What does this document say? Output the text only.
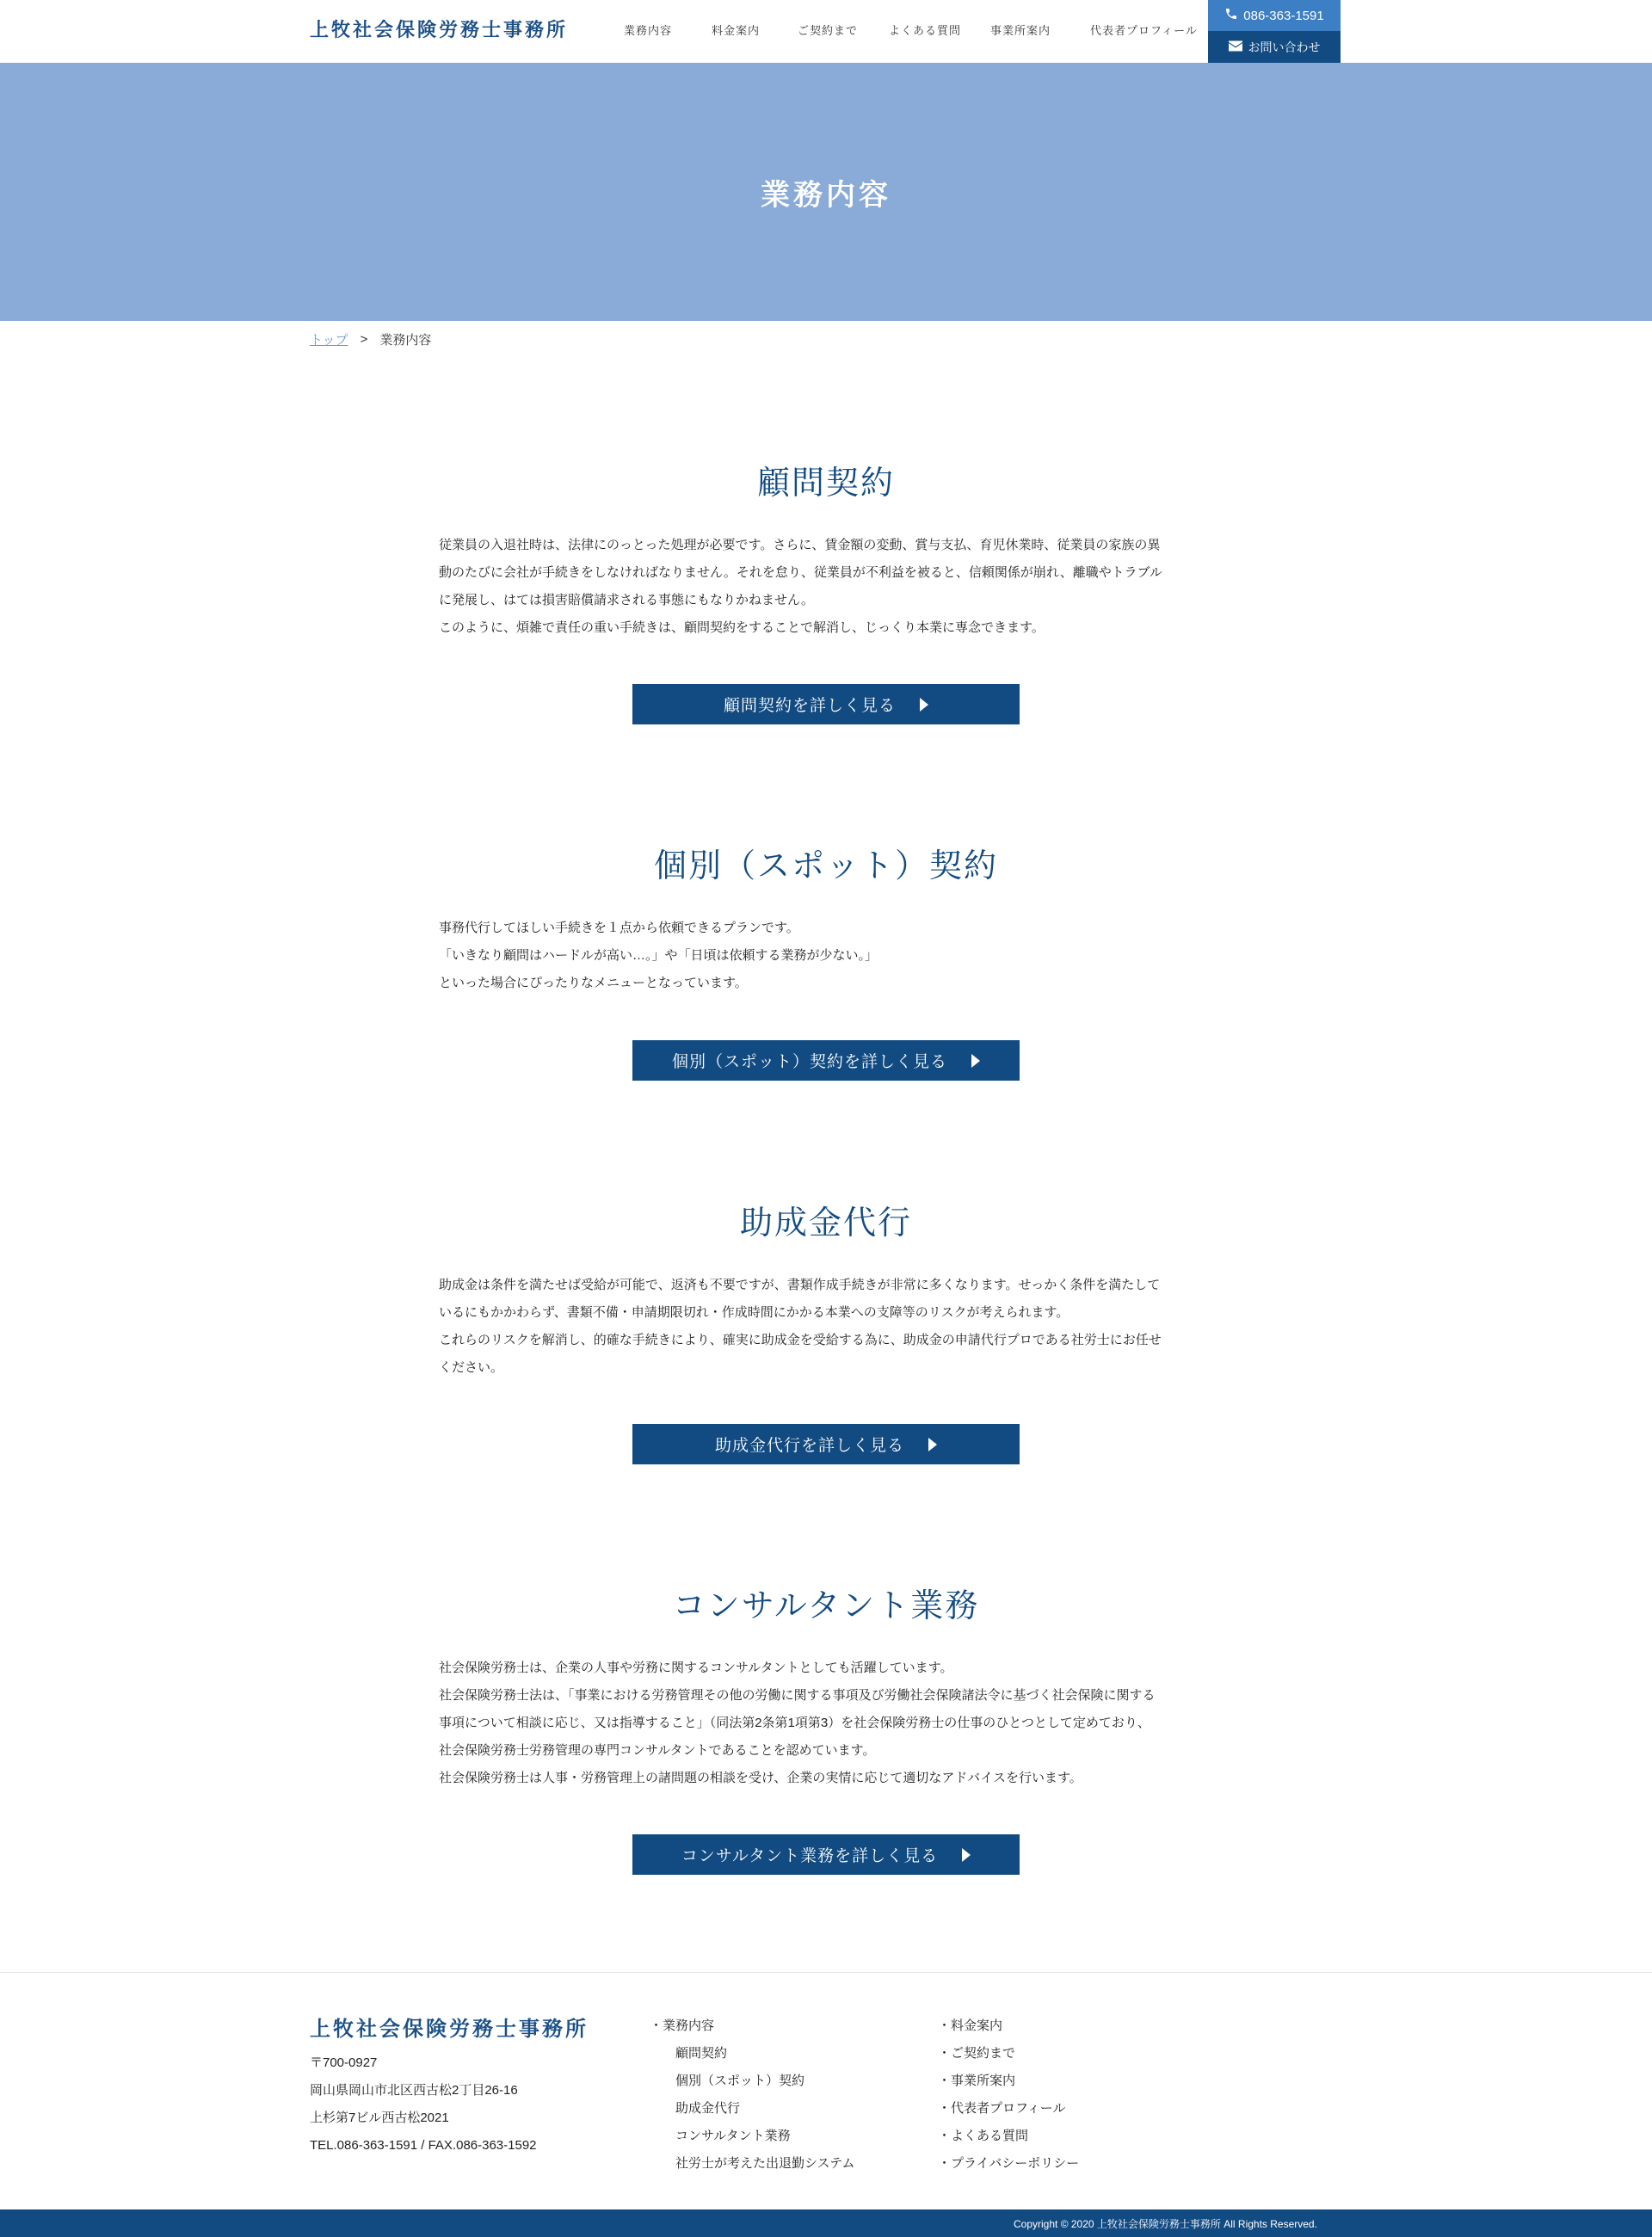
上牧社会保険労務士事務所	業務内容	料金案内	ご契約まで	よくある質問	事業所案内	代表者プロフィール
086-363-1591
お問い合わせ
業務内容
トップ > 業務内容
顧問契約

従業員の入退社時は、法律にのっとった処理が必要です。さらに、賃金額の変動、賞与支払、育児休業時、従業員の家族の異

動のたびに会社が手続きをしなければなりません。それを怠り、従業員が不利益を被ると、信頼関係が崩れ、離職やトラブル

に発展し、はては損害賠償請求される事態にもなりかねません。

このように、煩雑で責任の重い手続きは、顧問契約をすることで解消し、じっくり本業に専念できます。

顧問契約を詳しく見る
個別（スポット）契約

事務代行してほしい手続きを１点から依頼できるプランです。

「いきなり顧問はハードルが高い…。」や「日頃は依頼する業務が少ない。」

といった場合にぴったりなメニューとなっています。

個別（スポット）契約を詳しく見る
助成金代行

助成金は条件を満たせば受給が可能で、返済も不要ですが、書類作成手続きが非常に多くなります。せっかく条件を満たして

いるにもかかわらず、書類不備・申請期限切れ・作成時間にかかる本業への支障等のリスクが考えられます。

これらのリスクを解消し、的確な手続きにより、確実に助成金を受給する為に、助成金の申請代行プロである社労士にお任せ

ください。

助成金代行を詳しく見る
コンサルタント業務

社会保険労務士は、企業の人事や労務に関するコンサルタントとしても活躍しています。

社会保険労務士法は、「事業における労務管理その他の労働に関する事項及び労働社会保険諸法令に基づく社会保険に関する

事項について相談に応じ、又は指導すること」（同法第2条第1項第3）を社会保険労務士の仕事のひとつとして定めており、

社会保険労務士労務管理の専門コンサルタントであることを認めています。

社会保険労務士は人事・労務管理上の諸問題の相談を受け、企業の実情に応じて適切なアドバイスを行います。

コンサルタント業務を詳しく見る
上牧社会保険労務士事務所
〒700-0927
岡山県岡山市北区西古松2丁目26-16
上杉第7ビル西古松2021
TEL.086-363-1591 / FAX.086-363-1592
・業務内容
顧問契約
個別（スポット）契約
助成金代行
コンサルタント業務
社労士が考えた出退勤システム
・料金案内
・ご契約まで
・事業所案内
・代表者プロフィール
・よくある質問
・プライバシーポリシー
Copyright © 2020 上牧社会保険労務士事務所 All Rights Reserved.
